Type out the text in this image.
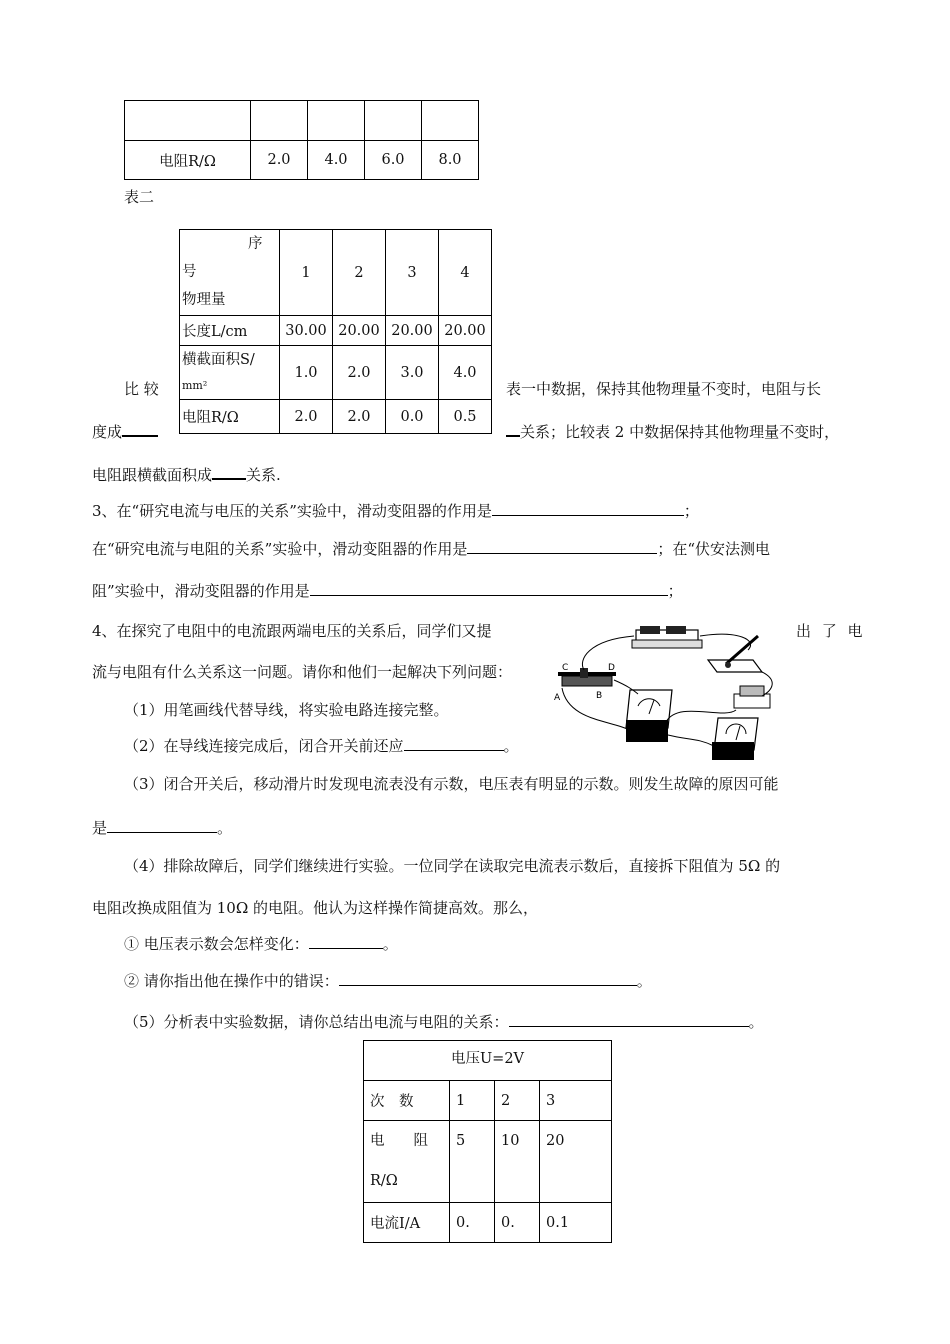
电阻R/Ω	2.0	4.0	6.0	8.0
表二
序
号
物理量	1	2	3	4
长度L/cm	30.00	20.00	20.00	20.00

横截面积S/
mm²	1.0	2.0	3.0	4.0
电阻R/Ω	2.0	2.0	0.0	0.5
比 较	表一中数据，保持其他物理量不变时，电阻与长
度成	关系；比较表 2 中数据保持其他物理量不变时，
电阻跟横截面积成 关系.
3、在“研究电流与电压的关系”实验中，滑动变阻器的作用是	；
在“研究电流与电阻的关系”实验中，滑动变阻器的作用是	；在“伏安法测电
阻”实验中，滑动变阻器的作用是	；
4、在探究了电阻中的电流跟两端电压的关系后，同学们又提	出 了 电
流与电阻有什么关系这一问题。请你和他们一起解决下列问题：
（1）用笔画线代替导线，将实验电路连接完整。
（2）在导线连接完成后，闭合开关前还应	。
（3）闭合开关后，移动滑片时发现电流表没有示数，电压表有明显的示数。则发生故障的原因可能
是	。
（4）排除故障后，同学们继续进行实验。一位同学在读取完电流表示数后，直接拆下阻值为 5Ω 的
电阻改换成阻值为 10Ω 的电阻。他认为这样操作简捷高效。那么，
① 电压表示数会怎样变化：	。
② 请你指出他在操作中的错误：	。
（5）分析表中实验数据，请你总结出电流与电阻的关系：	。
C	D
A	B
电压U=2V			
次　数	1	2	3

电　　阻
R/Ω	5	10	20
电流I/A	0.	0.	0.1
